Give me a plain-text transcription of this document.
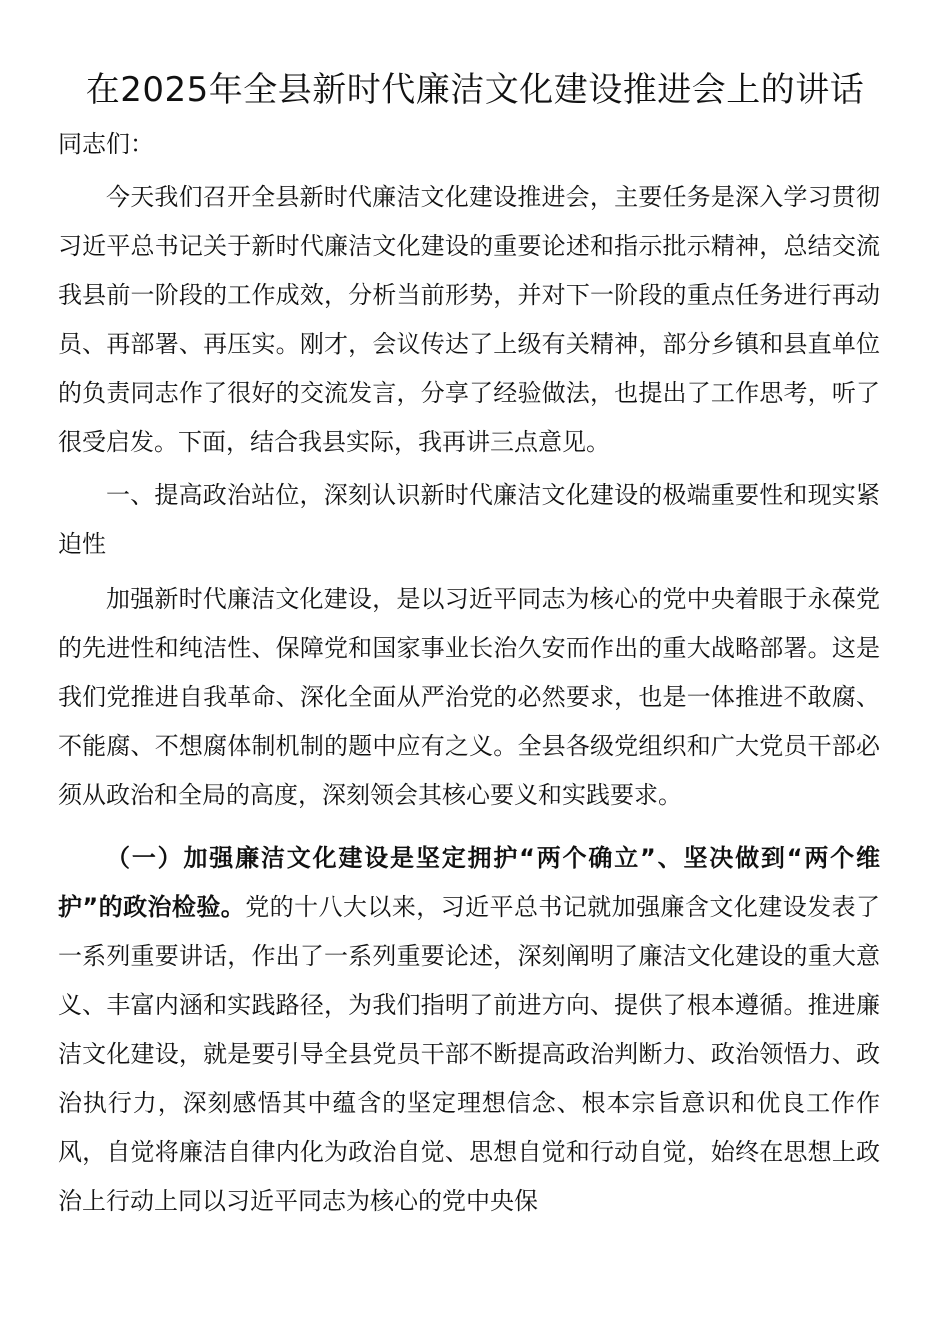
在2025年全县新时代廉洁文化建设推进会上的讲话

同志们：

今天我们召开全县新时代廉洁文化建设推进会，主要任务是深入学习贯彻习近平总书记关于新时代廉洁文化建设的重要论述和指示批示精神，总结交流我县前一阶段的工作成效，分析当前形势，并对下一阶段的重点任务进行再动员、再部署、再压实。刚才，会议传达了上级有关精神，部分乡镇和县直单位的负责同志作了很好的交流发言，分享了经验做法，也提出了工作思考，听了很受启发。下面，结合我县实际，我再讲三点意见。

一、提高政治站位，深刻认识新时代廉洁文化建设的极端重要性和现实紧迫性

加强新时代廉洁文化建设，是以习近平同志为核心的党中央着眼于永葆党的先进性和纯洁性、保障党和国家事业长治久安而作出的重大战略部署。这是我们党推进自我革命、深化全面从严治党的必然要求，也是一体推进不敢腐、不能腐、不想腐体制机制的题中应有之义。全县各级党组织和广大党员干部必须从政治和全局的高度，深刻领会其核心要义和实践要求。

（一）加强廉洁文化建设是坚定拥护“两个确立”、坚决做到“两个维护”的政治检验。党的十八大以来，习近平总书记就加强廉含文化建设发表了一系列重要讲话，作出了一系列重要论述，深刻阐明了廉洁文化建设的重大意义、丰富内涵和实践路径，为我们指明了前进方向、提供了根本遵循。推进廉洁文化建设，就是要引导全县党员干部不断提高政治判断力、政治领悟力、政治执行力，深刻感悟其中蕴含的坚定理想信念、根本宗旨意识和优良工作作风，自觉将廉洁自律内化为政治自觉、思想自觉和行动自觉，始终在思想上政治上行动上同以习近平同志为核心的党中央保
